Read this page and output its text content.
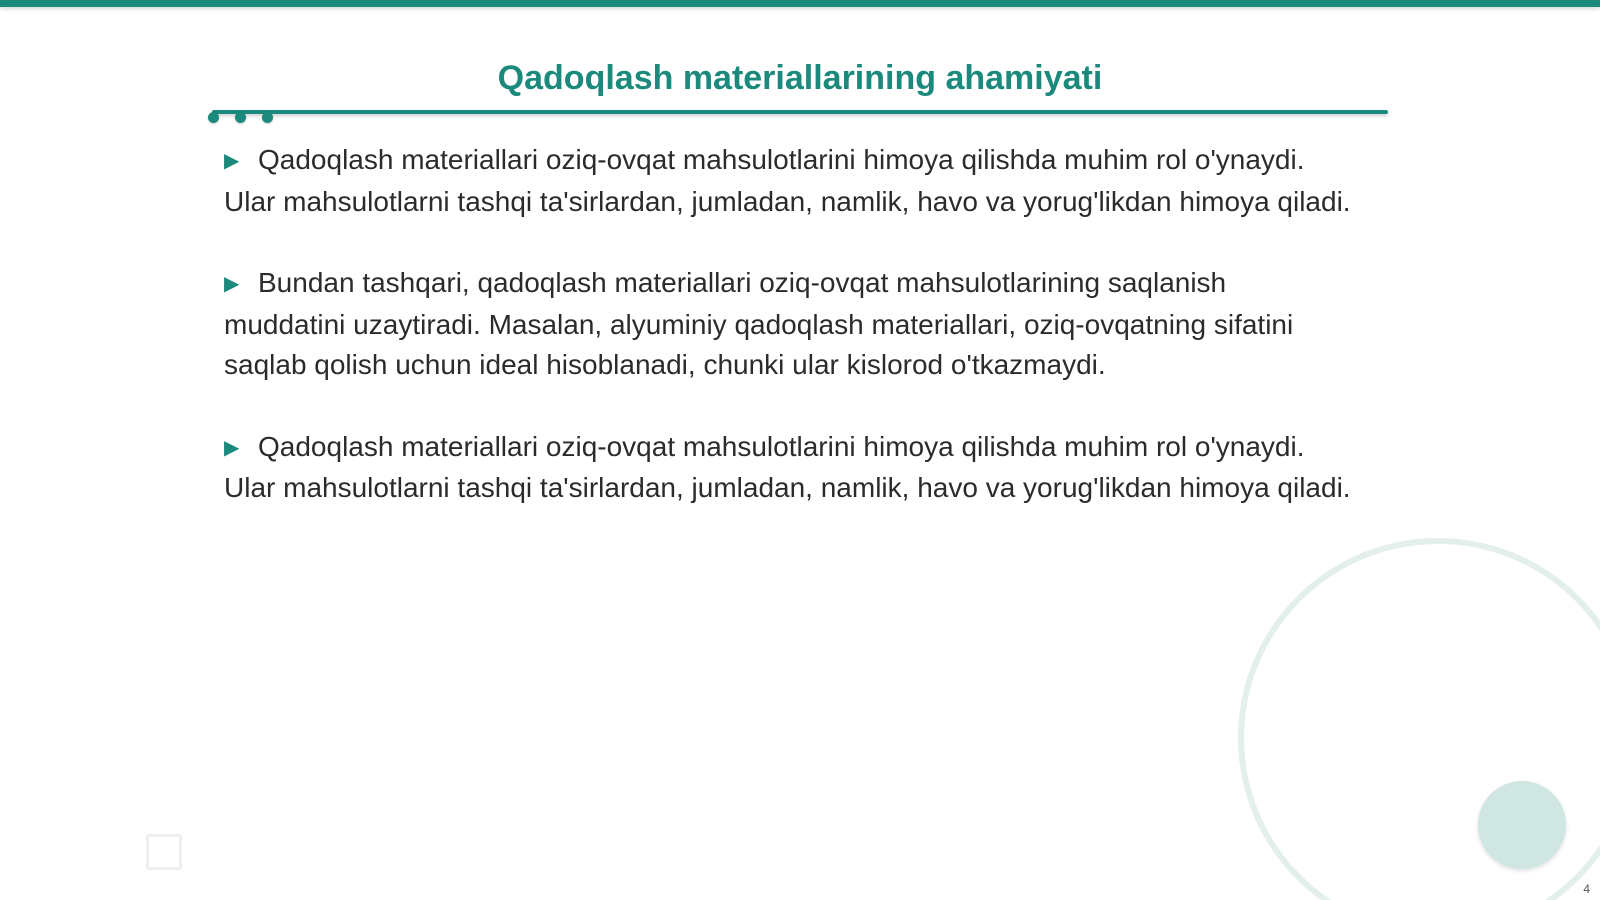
Qadoqlash materiallarining ahamiyati

▶ Qadoqlash materiallari oziq-ovqat mahsulotlarini himoya qilishda muhim rol o'ynaydi. Ular mahsulotlarni tashqi ta'sirlardan, jumladan, namlik, havo va yorug'likdan himoya qiladi.

▶ Bundan tashqari, qadoqlash materiallari oziq-ovqat mahsulotlarining saqlanish muddatini uzaytiradi. Masalan, alyuminiy qadoqlash materiallari, oziq-ovqatning sifatini saqlab qolish uchun ideal hisoblanadi, chunki ular kislorod o'tkazmaydi.

▶ Qadoqlash materiallari oziq-ovqat mahsulotlarini himoya qilishda muhim rol o'ynaydi. Ular mahsulotlarni tashqi ta'sirlardan, jumladan, namlik, havo va yorug'likdan himoya qiladi.

4
